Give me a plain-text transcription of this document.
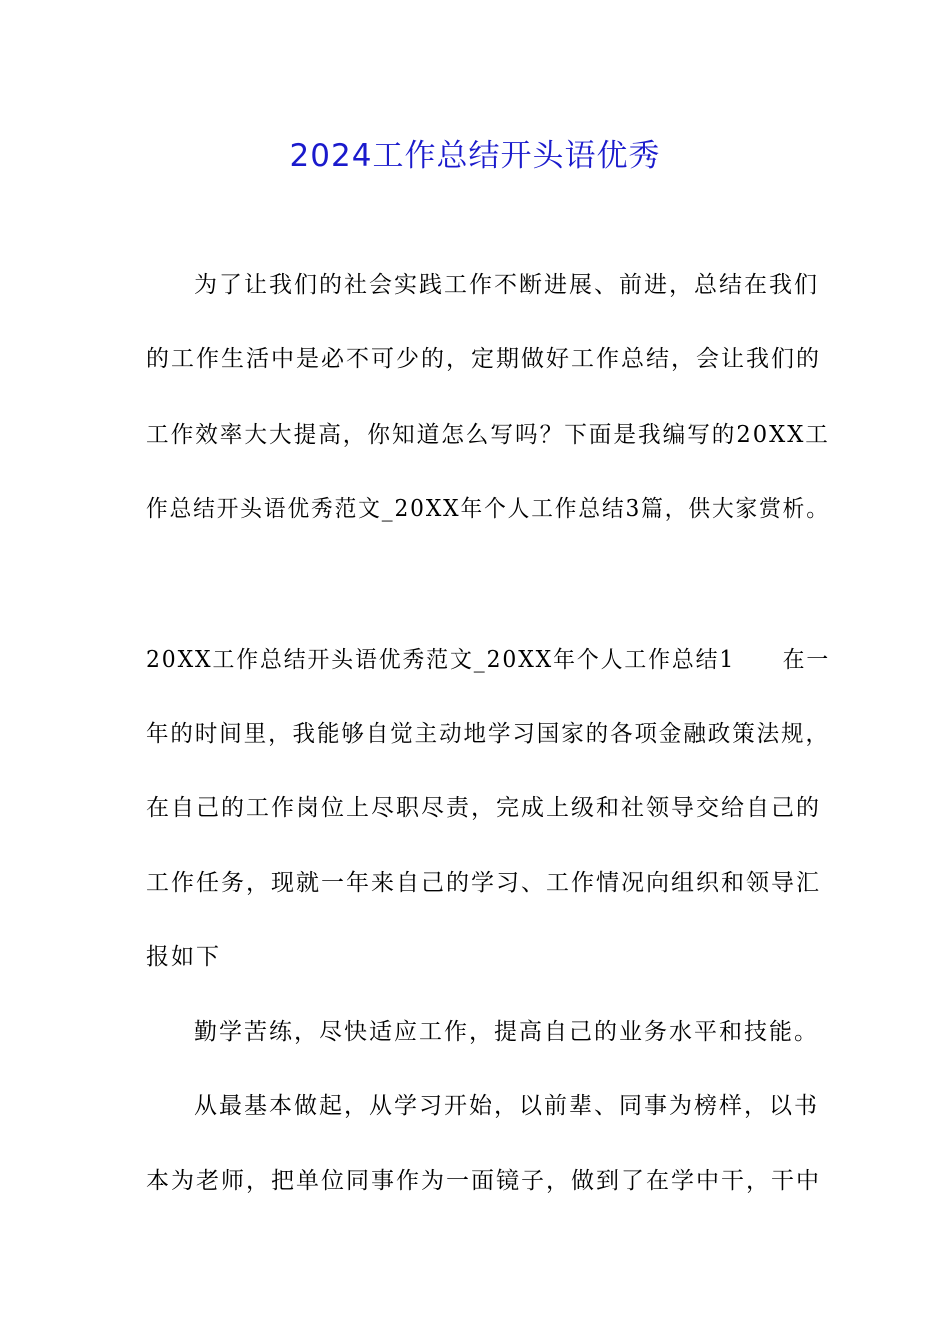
2024工作总结开头语优秀
为了让我们的社会实践工作不断进展、前进，总结在我们
的工作生活中是必不可少的，定期做好工作总结，会让我们的
工作效率大大提高，你知道怎么写吗？下面是我编写的20XX工
作总结开头语优秀范文_20XX年个人工作总结3篇，供大家赏析。
20XX工作总结开头语优秀范文_20XX年个人工作总结1　　在一
年的时间里，我能够自觉主动地学习国家的各项金融政策法规，
在自己的工作岗位上尽职尽责，完成上级和社领导交给自己的
工作任务，现就一年来自己的学习、工作情况向组织和领导汇
报如下
勤学苦练，尽快适应工作，提高自己的业务水平和技能。
从最基本做起，从学习开始，以前辈、同事为榜样，以书
本为老师，把单位同事作为一面镜子，做到了在学中干，干中
